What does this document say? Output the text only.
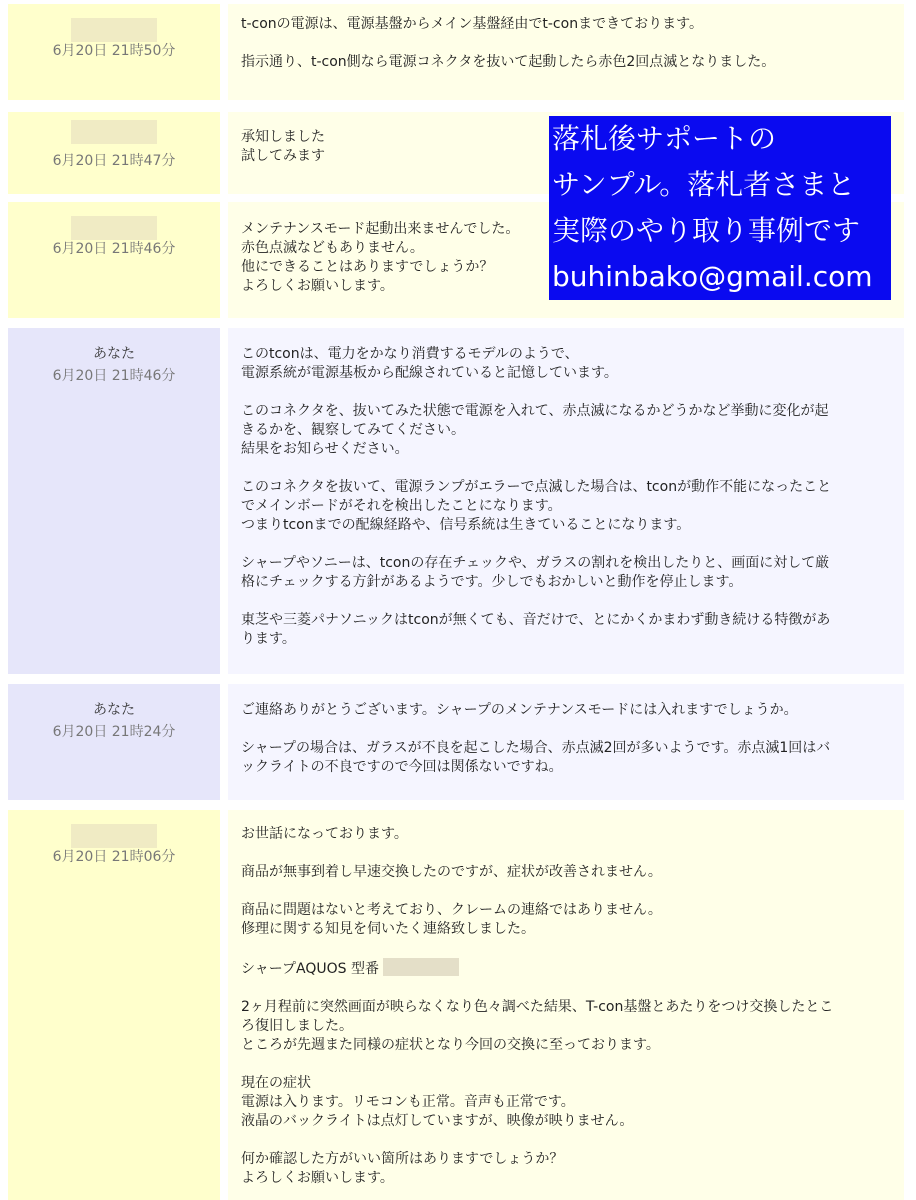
6月20日 21時50分

t-conの電源は、電源基盤からメイン基盤経由でt-conまできております。

指示通り、t-con側なら電源コネクタを抜いて起動したら赤色2回点滅となりました。

6月20日 21時47分

承知しました
試してみます

6月20日 21時46分

メンテナンスモード起動出来ませんでした。
赤色点滅などもありません。
他にできることはありますでしょうか？
よろしくお願いします。

あなた
6月20日 21時46分

このtconは、電力をかなり消費するモデルのようで、
電源系統が電源基板から配線されていると記憶しています。

このコネクタを、抜いてみた状態で電源を入れて、赤点滅になるかどうかなど挙動に変化が起
きるかを、観察してみてください。
結果をお知らせください。

このコネクタを抜いて、電源ランプがエラーで点滅した場合は、tconが動作不能になったこと
でメインボードがそれを検出したことになります。
つまりtconまでの配線経路や、信号系統は生きていることになります。

シャープやソニーは、tconの存在チェックや、ガラスの割れを検出したりと、画面に対して厳
格にチェックする方針があるようです。少しでもおかしいと動作を停止します。

東芝や三菱パナソニックはtconが無くても、音だけで、とにかくかまわず動き続ける特徴があ
ります。

あなた
6月20日 21時24分

ご連絡ありがとうございます。シャープのメンテナンスモードには入れますでしょうか。

シャープの場合は、ガラスが不良を起こした場合、赤点滅2回が多いようです。赤点滅1回はバ
ックライトの不良ですので今回は関係ないですね。

6月20日 21時06分

お世話になっております。

商品が無事到着し早速交換したのですが、症状が改善されません。

商品に問題はないと考えており、クレームの連絡ではありません。
修理に関する知見を伺いたく連絡致しました。

シャープAQUOS 型番

2ヶ月程前に突然画面が映らなくなり色々調べた結果、T-con基盤とあたりをつけ交換したとこ
ろ復旧しました。
ところが先週また同様の症状となり今回の交換に至っております。

現在の症状
電源は入ります。リモコンも正常。音声も正常です。
液晶のバックライトは点灯していますが、映像が映りません。

何か確認した方がいい箇所はありますでしょうか？
よろしくお願いします。

落札後サポートの
サンプル。落札者さまと
実際のやり取り事例です
buhinbako@gmail.com
